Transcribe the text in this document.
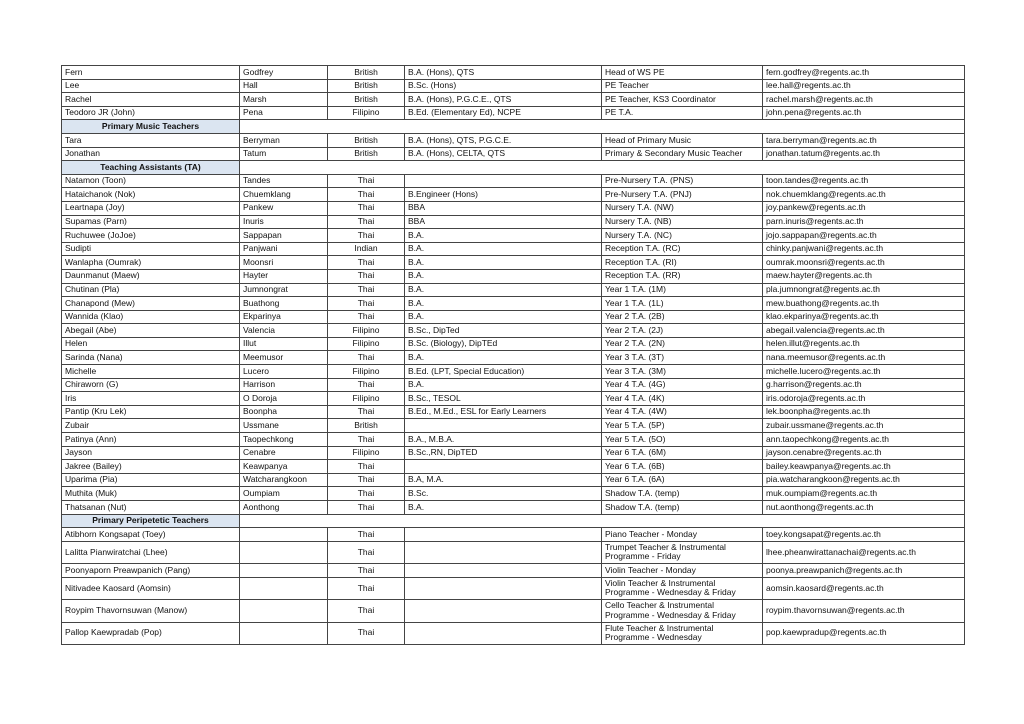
Fern	Godfrey	British	B.A. (Hons), QTS	Head of WS PE	fern.godfrey@regents.ac.th
Lee	Hall	British	B.Sc. (Hons)	PE Teacher	lee.hall@regents.ac.th
Rachel	Marsh	British	B.A. (Hons), P.G.C.E., QTS	PE Teacher, KS3 Coordinator	rachel.marsh@regents.ac.th
Teodoro JR (John)	Pena	Filipino	B.Ed. (Elementary Ed), NCPE	PE T.A.	john.pena@regents.ac.th
Primary Music Teachers					
Tara	Berryman	British	B.A. (Hons), QTS, P.G.C.E.	Head of Primary Music	tara.berryman@regents.ac.th
Jonathan	Tatum	British	B.A. (Hons), CELTA, QTS	Primary & Secondary Music Teacher	jonathan.tatum@regents.ac.th
Teaching Assistants (TA)					
Natamon (Toon)	Tandes	Thai		Pre-Nursery T.A. (PNS)	toon.tandes@regents.ac.th
Hataichanok (Nok)	Chuemklang	Thai	B.Engineer (Hons)	Pre-Nursery T.A. (PNJ)	nok.chuemklang@regents.ac.th
Leartnapa (Joy)	Pankew	Thai	BBA	Nursery T.A. (NW)	joy.pankew@regents.ac.th
Supamas (Parn)	Inuris	Thai	BBA	Nursery T.A. (NB)	parn.inuris@regents.ac.th
Ruchuwee (JoJoe)	Sappapan	Thai	B.A.	Nursery T.A. (NC)	jojo.sappapan@regents.ac.th
Sudipti	Panjwani	Indian	B.A.	Reception T.A. (RC)	chinky.panjwani@regents.ac.th
Wanlapha (Oumrak)	Moonsri	Thai	B.A.	Reception T.A. (RI)	oumrak.moonsri@regents.ac.th
Daunmanut (Maew)	Hayter	Thai	B.A.	Reception T.A. (RR)	maew.hayter@regents.ac.th
Chutinan (Pla)	Jumnongrat	Thai	B.A.	Year 1 T.A. (1M)	pla.jumnongrat@regents.ac.th
Chanapond (Mew)	Buathong	Thai	B.A.	Year 1 T.A. (1L)	mew.buathong@regents.ac.th
Wannida (Klao)	Ekparinya	Thai	B.A.	Year 2 T.A. (2B)	klao.ekparinya@regents.ac.th
Abegail (Abe)	Valencia	Filipino	B.Sc., DipTed	Year 2 T.A. (2J)	abegail.valencia@regents.ac.th
Helen	Illut	Filipino	B.Sc. (Biology), DipTEd	Year 2 T.A. (2N)	helen.illut@regents.ac.th
Sarinda (Nana)	Meemusor	Thai	B.A.	Year 3 T.A. (3T)	nana.meemusor@regents.ac.th
Michelle	Lucero	Filipino	B.Ed. (LPT, Special Education)	Year 3 T.A. (3M)	michelle.lucero@regents.ac.th
Chiraworn (G)	Harrison	Thai	B.A.	Year 4 T.A. (4G)	g.harrison@regents.ac.th
Iris	O Doroja	Filipino	B.Sc., TESOL	Year 4 T.A. (4K)	iris.odoroja@regents.ac.th
Pantip (Kru Lek)	Boonpha	Thai	B.Ed., M.Ed., ESL for Early Learners	Year 4 T.A. (4W)	lek.boonpha@regents.ac.th
Zubair	Ussmane	British		Year 5 T.A. (5P)	zubair.ussmane@regents.ac.th
Patinya (Ann)	Taopechkong	Thai	B.A., M.B.A.	Year 5 T.A. (5O)	ann.taopechkong@regents.ac.th
Jayson	Cenabre	Filipino	B.Sc.,RN, DipTED	Year 6 T.A. (6M)	jayson.cenabre@regents.ac.th
Jakree (Bailey)	Keawpanya	Thai		Year 6 T.A. (6B)	bailey.keawpanya@regents.ac.th
Uparima (Pia)	Watcharangkoon	Thai	B.A, M.A.	Year 6 T.A. (6A)	pia.watcharangkoon@regents.ac.th
Muthita (Muk)	Oumpiam	Thai	B.Sc.	Shadow T.A. (temp)	muk.oumpiam@regents.ac.th
Thatsanan (Nut)	Aonthong	Thai	B.A.	Shadow T.A. (temp)	nut.aonthong@regents.ac.th
Primary Peripetetic Teachers					
Atibhorn Kongsapat (Toey)		Thai		Piano Teacher - Monday	toey.kongsapat@regents.ac.th
Lalitta Pianwiratchai (Lhee)		Thai		Trumpet Teacher & Instrumental Programme - Friday	lhee.pheanwirattanachai@regents.ac.th
Poonyaporn Preawpanich (Pang)		Thai		Violin Teacher - Monday	poonya.preawpanich@regents.ac.th
Nitivadee Kaosard (Aomsin)		Thai		Violin Teacher & Instrumental Programme - Wednesday & Friday	aomsin.kaosard@regents.ac.th
Roypim Thavornsuwan (Manow)		Thai		Cello Teacher & Instrumental Programme - Wednesday & Friday	roypim.thavornsuwan@regents.ac.th
Pallop Kaewpradab (Pop)		Thai		Flute Teacher & Instrumental Programme - Wednesday	pop.kaewpradup@regents.ac.th
